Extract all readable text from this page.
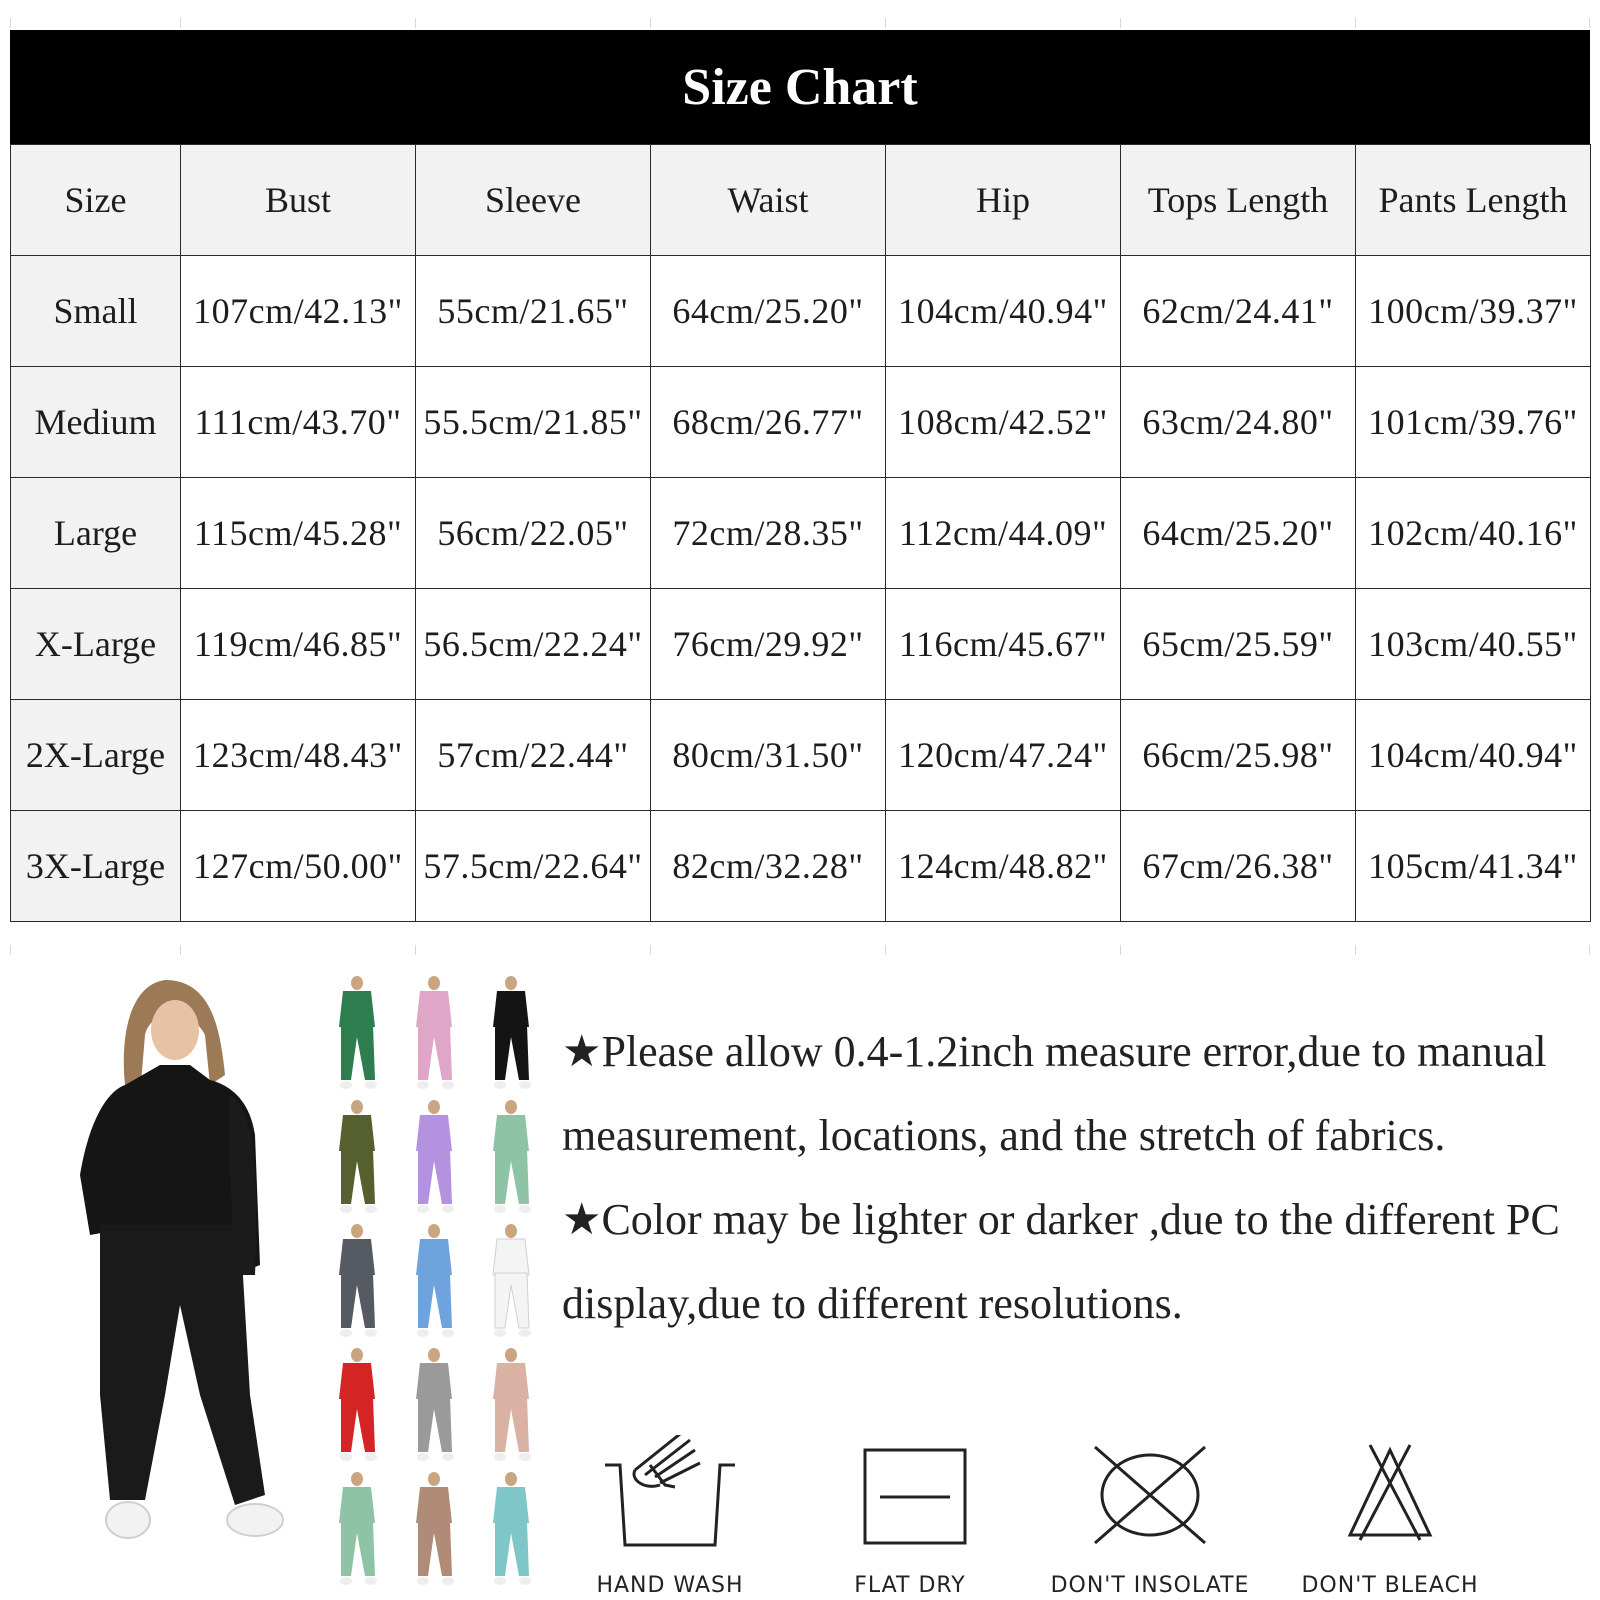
Size Chart
Size	Bust	Sleeve	Waist	Hip	Tops Length	Pants Length
Small	107cm/42.13"	55cm/21.65"	64cm/25.20"	104cm/40.94"	62cm/24.41"	100cm/39.37"
Medium	111cm/43.70"	55.5cm/21.85"	68cm/26.77"	108cm/42.52"	63cm/24.80"	101cm/39.76"
Large	115cm/45.28"	56cm/22.05"	72cm/28.35"	112cm/44.09"	64cm/25.20"	102cm/40.16"
X-Large	119cm/46.85"	56.5cm/22.24"	76cm/29.92"	116cm/45.67"	65cm/25.59"	103cm/40.55"
2X-Large	123cm/48.43"	57cm/22.44"	80cm/31.50"	120cm/47.24"	66cm/25.98"	104cm/40.94"
3X-Large	127cm/50.00"	57.5cm/22.64"	82cm/32.28"	124cm/48.82"	67cm/26.38"	105cm/41.34"

★Please allow 0.4-1.2inch measure error,due to manual measurement, locations, and the stretch of fabrics.

★Color may be lighter or darker ,due to the different PC display,due to different resolutions.

HAND WASH	FLAT DRY	DON'T INSOLATE	DON'T BLEACH
